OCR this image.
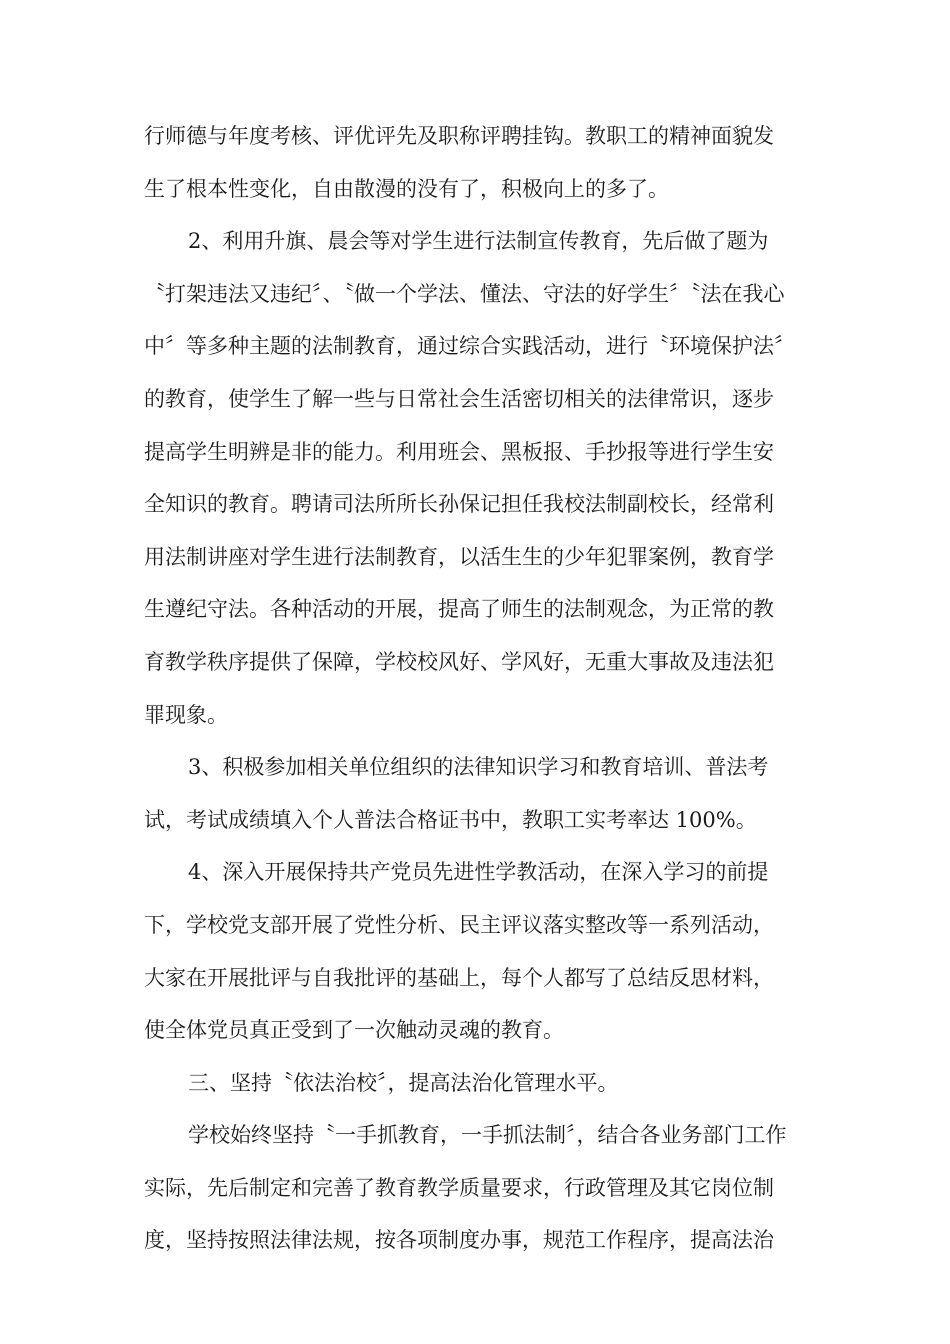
行师德与年度考核、评优评先及职称评聘挂钩。教职工的精神面貌发
生了根本性变化，自由散漫的没有了，积极向上的多了。
2、利用升旗、晨会等对学生进行法制宣传教育，先后做了题为
〝打架违法又违纪〞、〝做一个学法、懂法、守法的好学生〞〝法在我心
中〞等多种主题的法制教育，通过综合实践活动，进行〝环境保护法〞
的教育，使学生了解一些与日常社会生活密切相关的法律常识，逐步
提高学生明辨是非的能力。利用班会、黑板报、手抄报等进行学生安
全知识的教育。聘请司法所所长孙保记担任我校法制副校长，经常利
用法制讲座对学生进行法制教育，以活生生的少年犯罪案例，教育学
生遵纪守法。各种活动的开展，提高了师生的法制观念，为正常的教
育教学秩序提供了保障，学校校风好、学风好，无重大事故及违法犯
罪现象。
3、积极参加相关单位组织的法律知识学习和教育培训、普法考
试，考试成绩填入个人普法合格证书中，教职工实考率达 100%。
4、深入开展保持共产党员先进性学教活动，在深入学习的前提
下，学校党支部开展了党性分析、民主评议落实整改等一系列活动，
大家在开展批评与自我批评的基础上，每个人都写了总结反思材料，
使全体党员真正受到了一次触动灵魂的教育。
三、坚持〝依法治校〞，提高法治化管理水平。
学校始终坚持〝一手抓教育，一手抓法制〞，结合各业务部门工作
实际，先后制定和完善了教育教学质量要求，行政管理及其它岗位制
度，坚持按照法律法规，按各项制度办事，规范工作程序，提高法治
